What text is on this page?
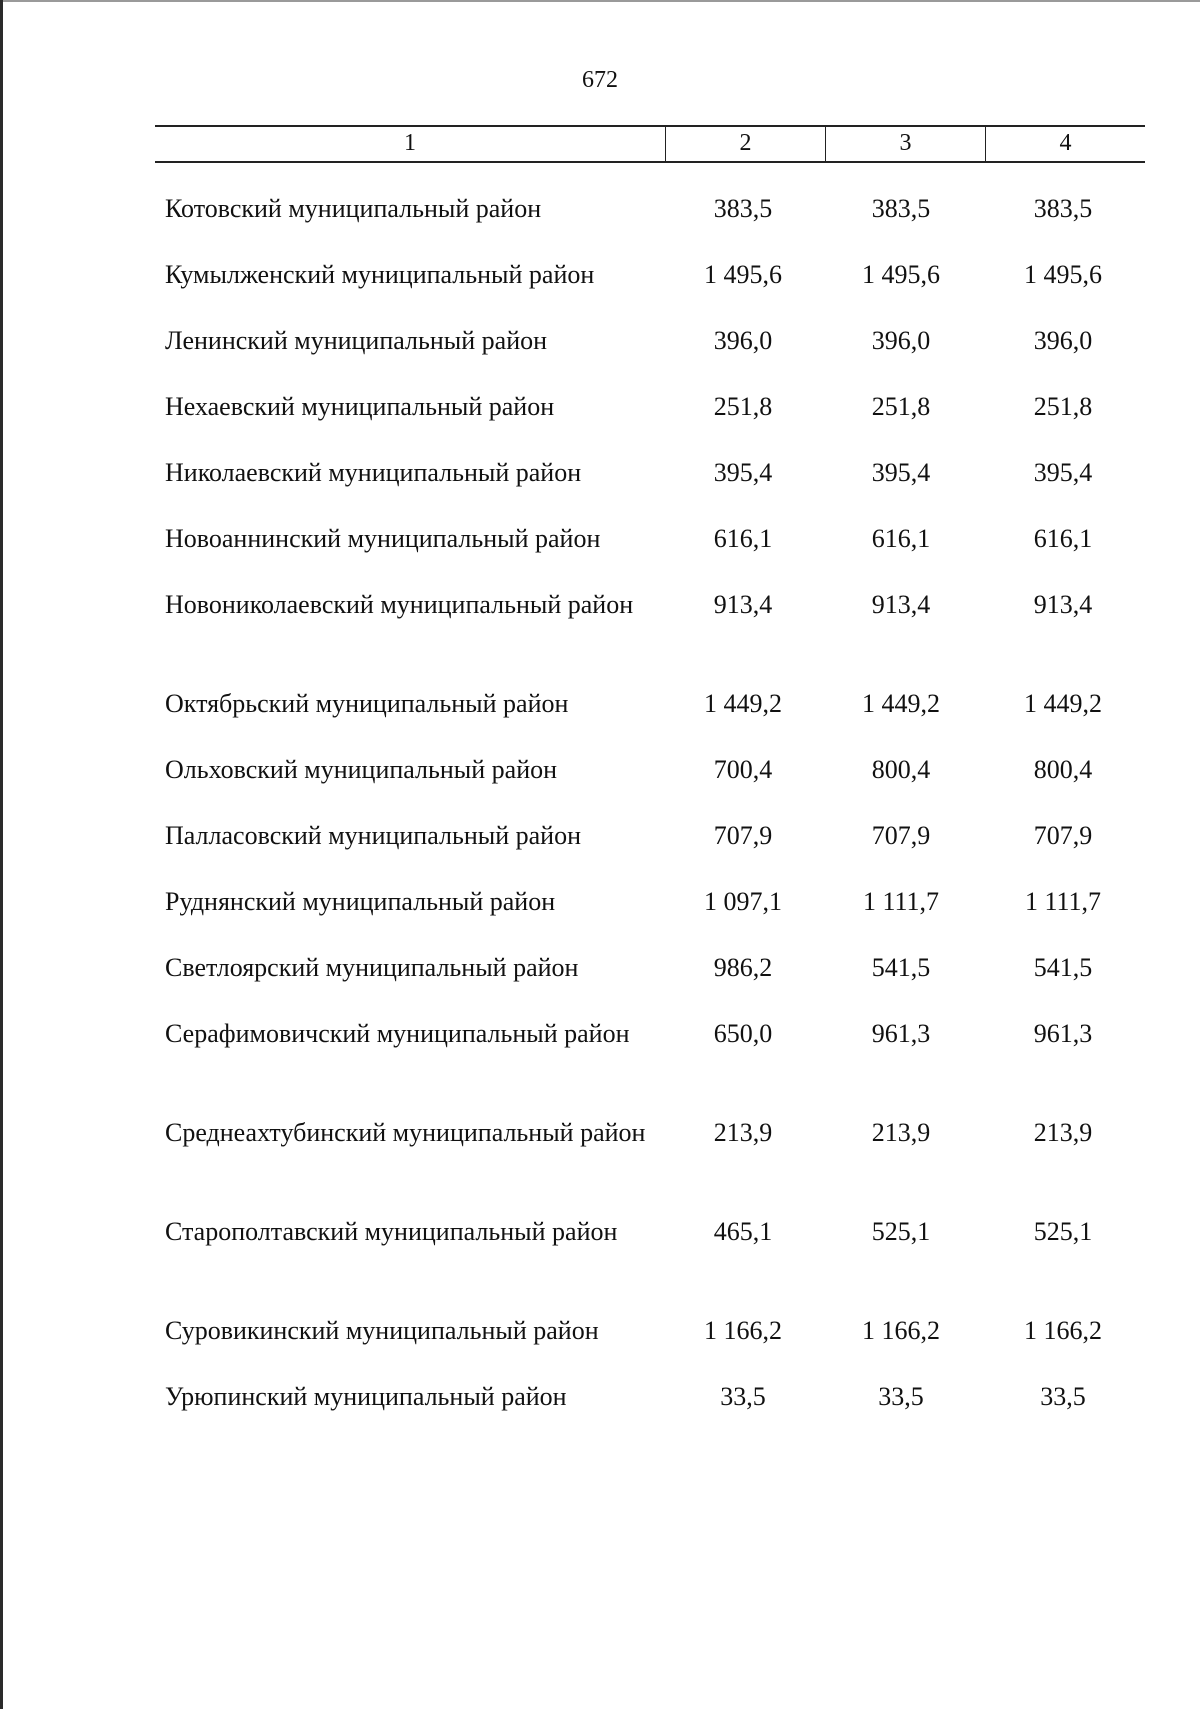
672
1	2	3	4
Котовский муниципальный район	383,5	383,5	383,5
Кумылженский муниципальный район	1 495,6	1 495,6	1 495,6
Ленинский муниципальный район	396,0	396,0	396,0
Нехаевский муниципальный район	251,8	251,8	251,8
Николаевский муниципальный район	395,4	395,4	395,4
Новоаннинский муниципальный район	616,1	616,1	616,1
Новониколаевский муниципальный район	913,4	913,4	913,4
Октябрьский муниципальный район	1 449,2	1 449,2	1 449,2
Ольховский муниципальный район	700,4	800,4	800,4
Палласовский муниципальный район	707,9	707,9	707,9
Руднянский муниципальный район	1 097,1	1 111,7	1 111,7
Светлоярский муниципальный район	986,2	541,5	541,5
Серафимовичский муниципальный район	650,0	961,3	961,3
Среднеахтубинский муниципальный район	213,9	213,9	213,9
Старополтавский муниципальный район	465,1	525,1	525,1
Суровикинский муниципальный район	1 166,2	1 166,2	1 166,2
Урюпинский муниципальный район	33,5	33,5	33,5
